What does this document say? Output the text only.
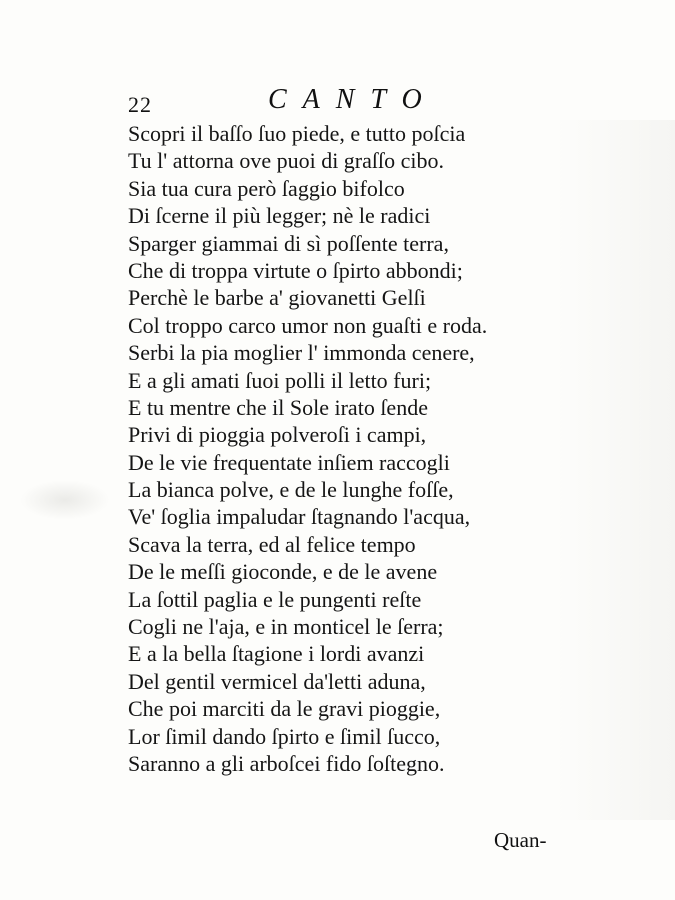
22	CANTO
Scopri il baſſo ſuo piede, e tutto poſcia
Tu l' attorna ove puoi di graſſo cibo.
Sia tua cura però ſaggio bifolco
Di ſcerne il più legger; nè le radici
Sparger giammai di sì poſſente terra,
Che di troppa virtute o ſpirto abbondi;
Perchè le barbe a' giovanetti Gelſi
Col troppo carco umor non guaſti e roda.
Serbi la pia moglier l' immonda cenere,
E a gli amati ſuoi polli il letto furi;
E tu mentre che il Sole irato ſende
Privi di pioggia polveroſi i campi,
De le vie frequentate inſiem raccogli
La bianca polve, e de le lunghe foſſe,
Ve' ſoglia impaludar ſtagnando l'acqua,
Scava la terra, ed al felice tempo
De le meſſi gioconde, e de le avene
La ſottil paglia e le pungenti reſte
Cogli ne l'aja, e in monticel le ſerra;
E a la bella ſtagione i lordi avanzi
Del gentil vermicel da'letti aduna,
Che poi marciti da le gravi pioggie,
Lor ſimil dando ſpirto e ſimil ſucco,
Saranno a gli arboſcei fido ſoſtegno.
Quan-
